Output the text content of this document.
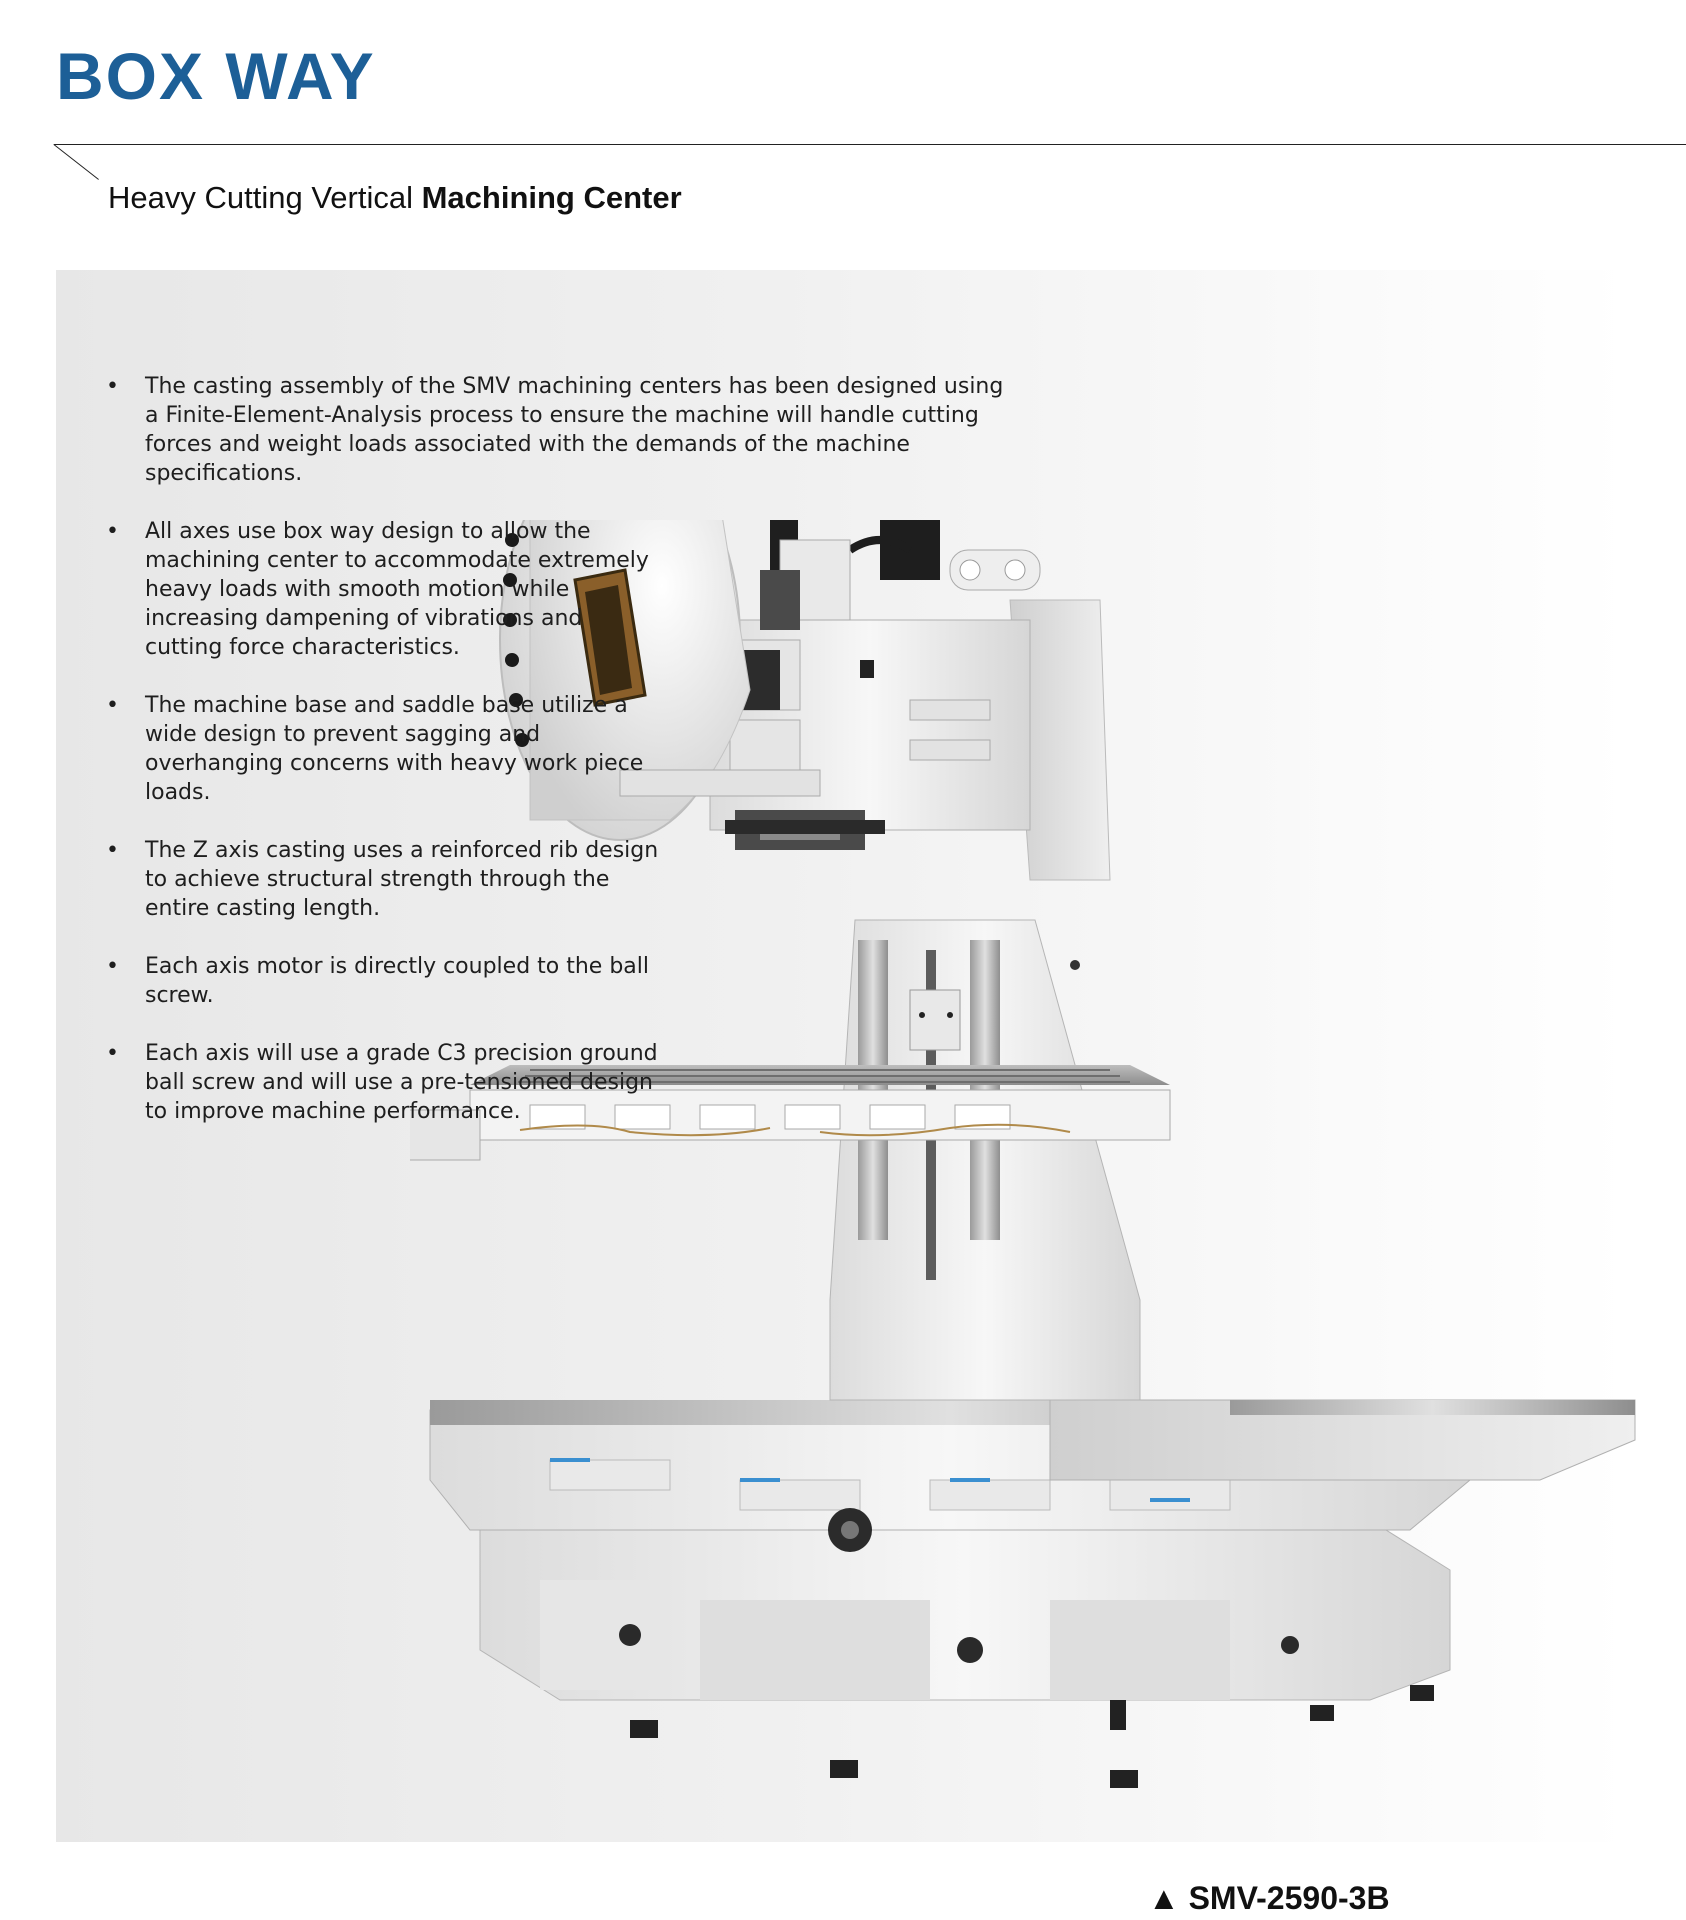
BOX WAY
Heavy Cutting Vertical Machining Center
• The casting assembly of the SMV machining centers has been designed using a Finite-Element-Analysis process to ensure the machine will handle cutting forces and weight loads associated with the demands of the machine specifications.
• All axes use box way design to allow the machining center to accommodate extremely heavy loads with smooth motion while increasing dampening of vibrations and cutting force characteristics.
• The machine base and saddle base utilize a wide design to prevent sagging and overhanging concerns with heavy work piece loads.
• The Z axis casting uses a reinforced rib design to achieve structural strength through the entire casting length.
• Each axis motor is directly coupled to the ball screw.
• Each axis will use a grade C3 precision ground ball screw and will use a pre-tensioned design to improve machine performance.
▲ SMV-2590-3B
